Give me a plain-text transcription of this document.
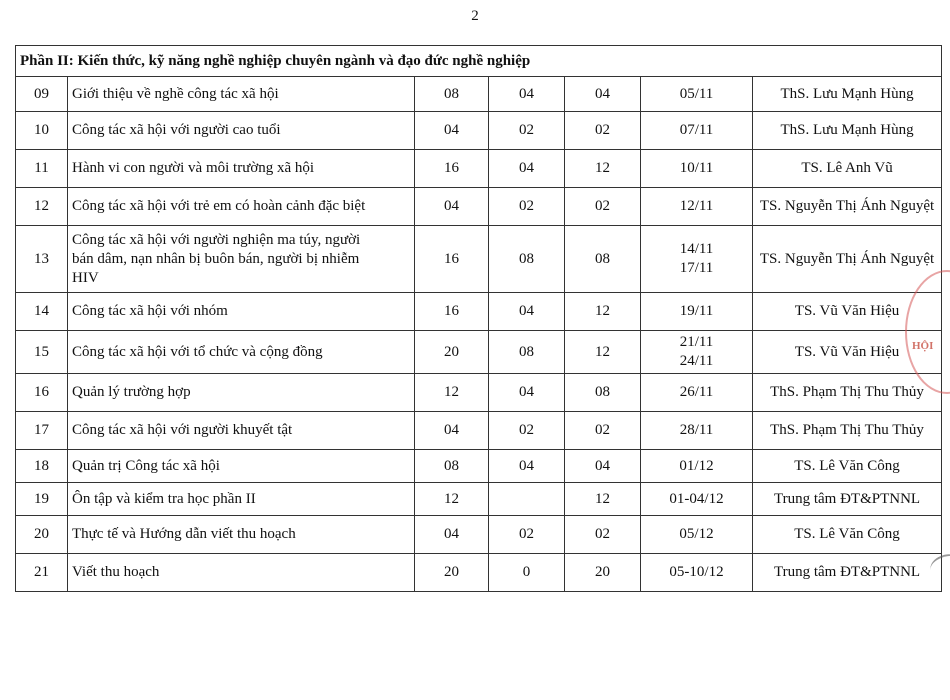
2
Phần II: Kiến thức, kỹ năng nghề nghiệp chuyên ngành và đạo đức nghề nghiệp						
09	Giới thiệu về nghề công tác xã hội	08	04	04	05/11	ThS. Lưu Mạnh Hùng
10	Công tác xã hội với người cao tuổi	04	02	02	07/11	ThS. Lưu Mạnh Hùng
11	Hành vi con người và môi trường xã hội	16	04	12	10/11	TS. Lê Anh Vũ
12	Công tác xã hội với trẻ em có hoàn cảnh đặc biệt	04	02	02	12/11	TS. Nguyễn Thị Ánh Nguyệt
13	Công tác xã hội với người nghiện ma túy, người
bán dâm, nạn nhân bị buôn bán, người bị nhiễm
HIV	16	08	08	14/11
17/11	TS. Nguyễn Thị Ánh Nguyệt
14	Công tác xã hội với nhóm	16	04	12	19/11	TS. Vũ Văn Hiệu
15	Công tác xã hội với tổ chức và cộng đồng	20	08	12	21/11
24/11	TS. Vũ Văn Hiệu
16	Quản lý trường hợp	12	04	08	26/11	ThS. Phạm Thị Thu Thủy
17	Công tác xã hội với người khuyết tật	04	02	02	28/11	ThS. Phạm Thị Thu Thủy
18	Quản trị Công tác xã hội	08	04	04	01/12	TS. Lê Văn Công
19	Ôn tập và kiểm tra học phần II	12		12	01-04/12	Trung tâm ĐT&PTNNL
20	Thực tế và Hướng dẫn viết thu hoạch	04	02	02	05/12	TS. Lê Văn Công
21	Viết thu hoạch	20	0	20	05-10/12	Trung tâm ĐT&PTNNL
HỘI
